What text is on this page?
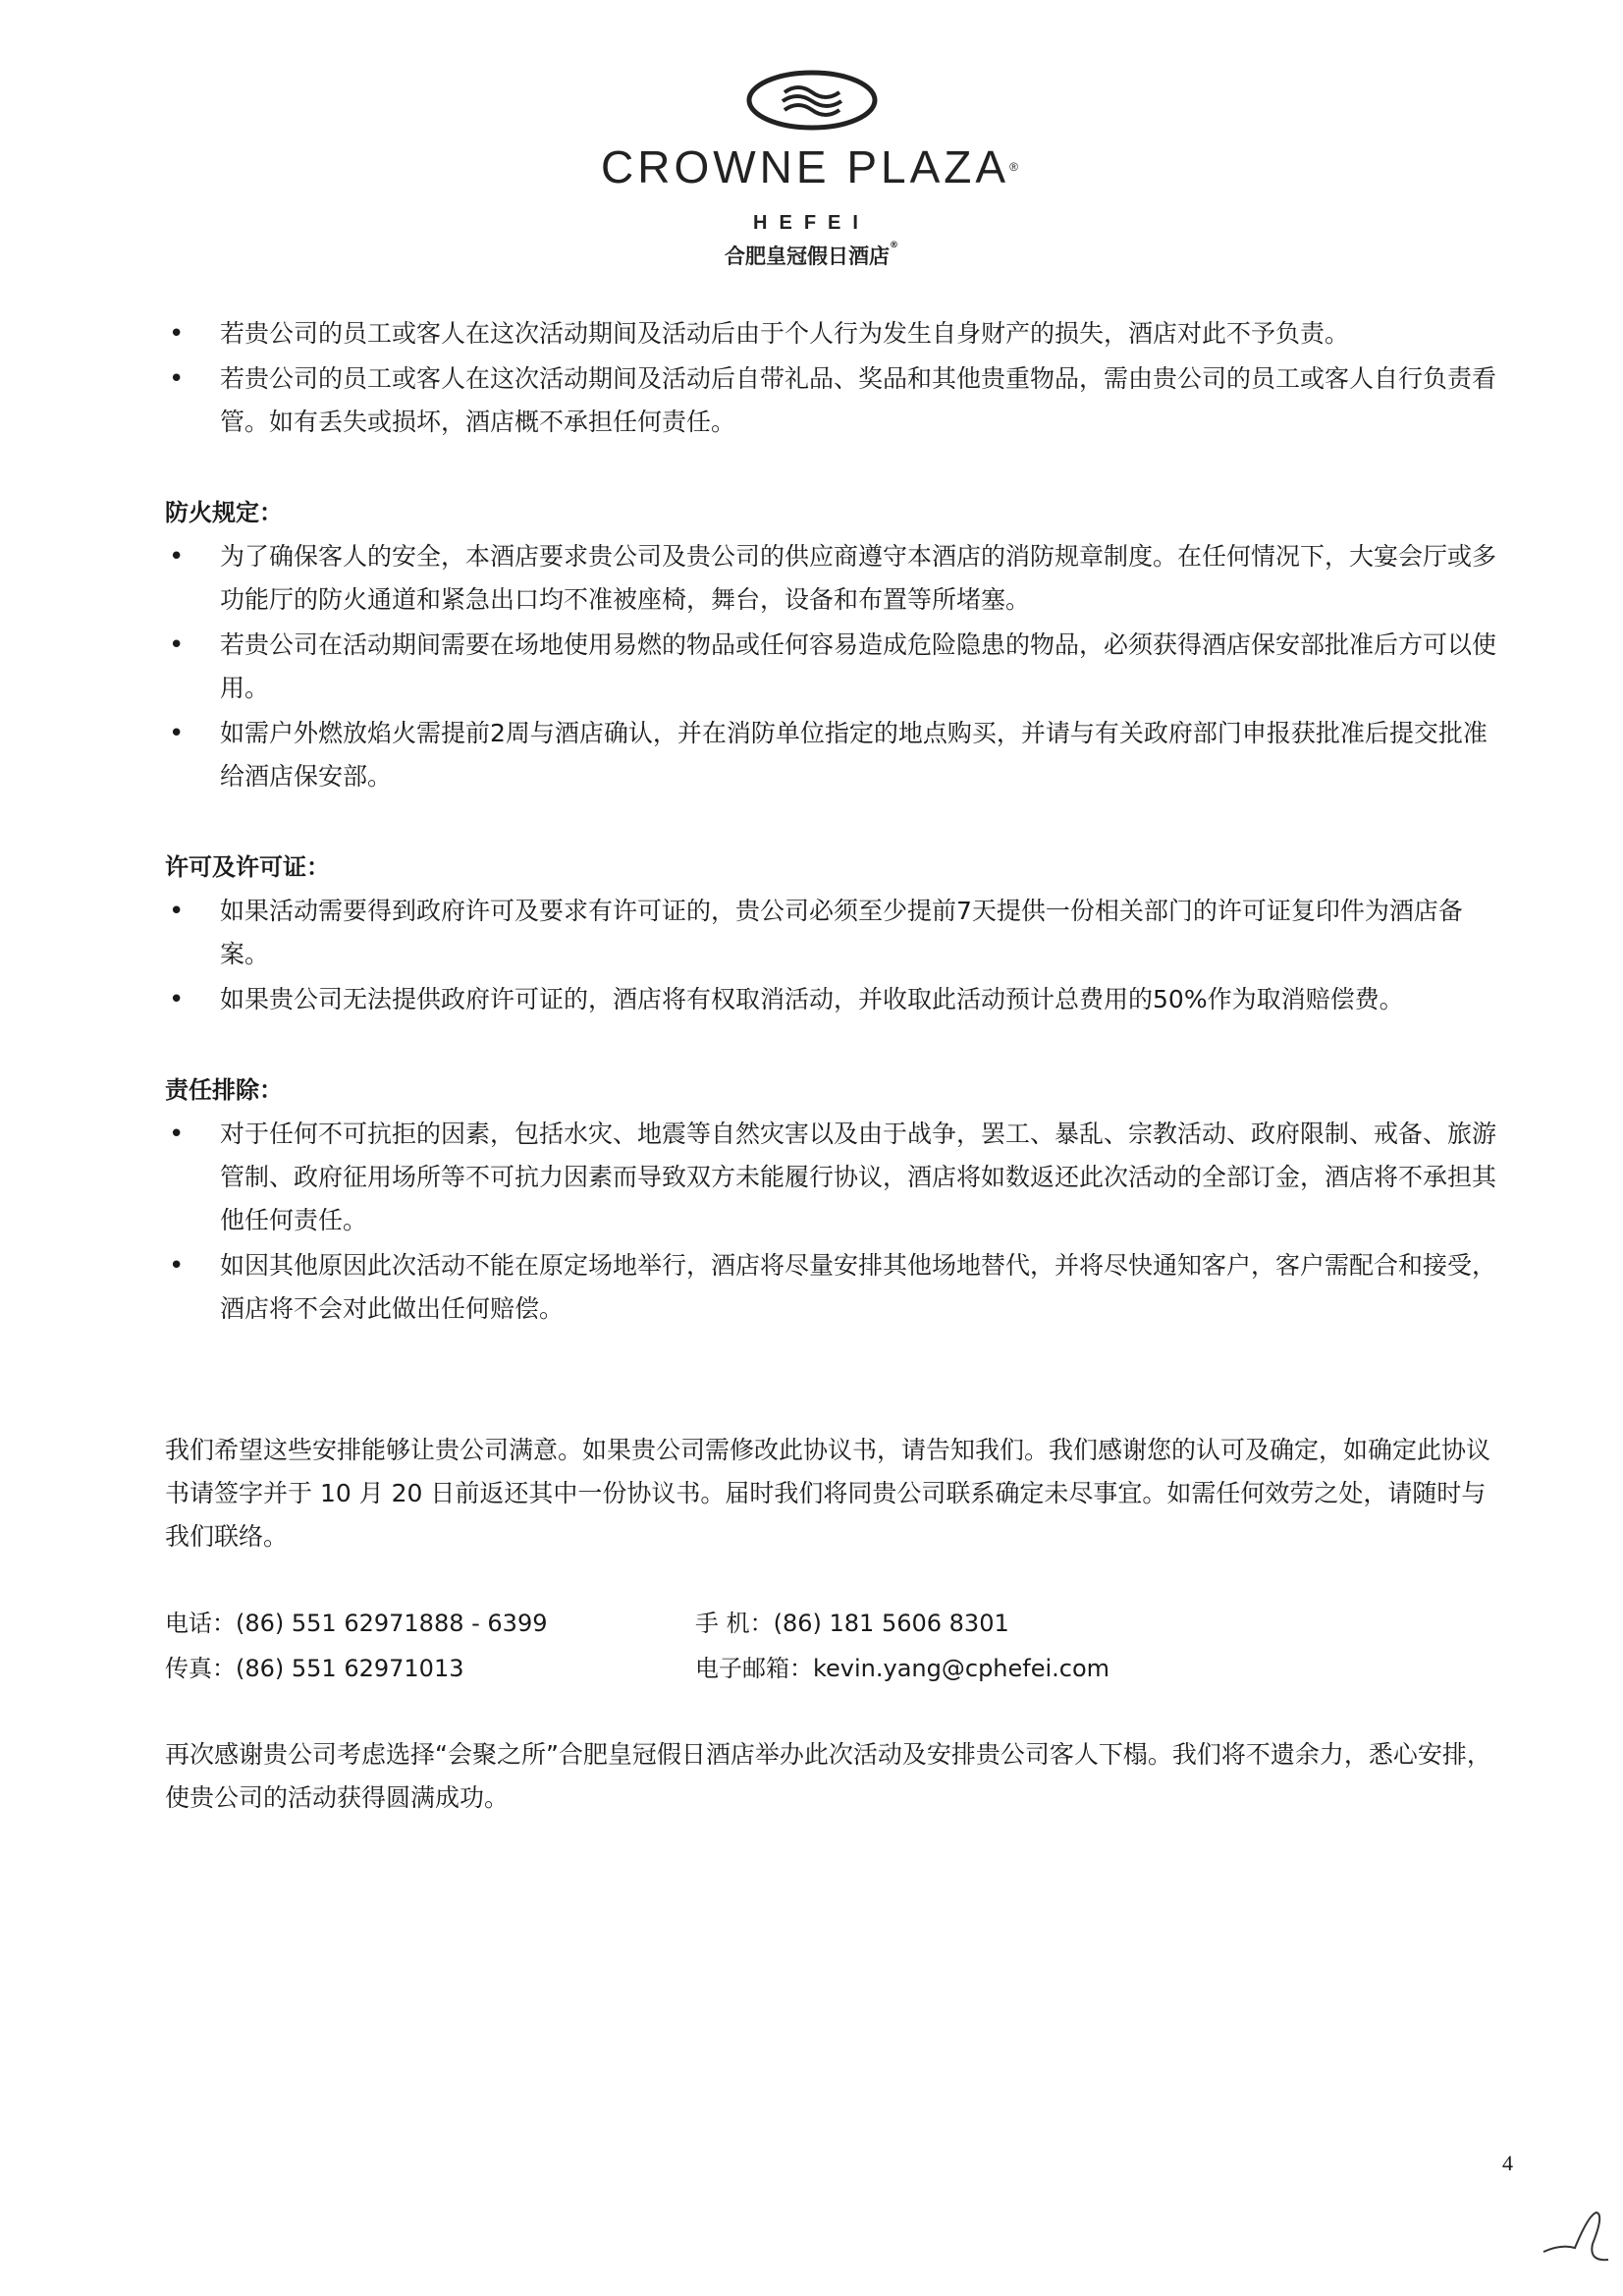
CROWNE PLAZA®
HEFEI
合肥皇冠假日酒店®
• 若贵公司的员工或客人在这次活动期间及活动后由于个人行为发生自身财产的损失，酒店对此不予负责。
• 若贵公司的员工或客人在这次活动期间及活动后自带礼品、奖品和其他贵重物品，需由贵公司的员工或客人自行负责看管。如有丢失或损坏，酒店概不承担任何责任。
防火规定：
• 为了确保客人的安全，本酒店要求贵公司及贵公司的供应商遵守本酒店的消防规章制度。在任何情况下，大宴会厅或多功能厅的防火通道和紧急出口均不准被座椅，舞台，设备和布置等所堵塞。
• 若贵公司在活动期间需要在场地使用易燃的物品或任何容易造成危险隐患的物品，必须获得酒店保安部批准后方可以使用。
• 如需户外燃放焰火需提前2周与酒店确认，并在消防单位指定的地点购买，并请与有关政府部门申报获批准后提交批准给酒店保安部。
许可及许可证：
• 如果活动需要得到政府许可及要求有许可证的，贵公司必须至少提前7天提供一份相关部门的许可证复印件为酒店备案。
• 如果贵公司无法提供政府许可证的，酒店将有权取消活动，并收取此活动预计总费用的50%作为取消赔偿费。
责任排除：
• 对于任何不可抗拒的因素，包括水灾、地震等自然灾害以及由于战争，罢工、暴乱、宗教活动、政府限制、戒备、旅游管制、政府征用场所等不可抗力因素而导致双方未能履行协议，酒店将如数返还此次活动的全部订金，酒店将不承担其他任何责任。
• 如因其他原因此次活动不能在原定场地举行，酒店将尽量安排其他场地替代，并将尽快通知客户，客户需配合和接受，酒店将不会对此做出任何赔偿。

我们希望这些安排能够让贵公司满意。如果贵公司需修改此协议书，请告知我们。我们感谢您的认可及确定，如确定此协议书请签字并于 10 月 20 日前返还其中一份协议书。届时我们将同贵公司联系确定未尽事宜。如需任何效劳之处，请随时与我们联络。

电话：(86) 551 62971888 - 6399	手 机：(86) 181 5606 8301
传真：(86) 551 62971013	电子邮箱：kevin.yang@cphefei.com

再次感谢贵公司考虑选择“会聚之所”合肥皇冠假日酒店举办此次活动及安排贵公司客人下榻。我们将不遗余力，悉心安排，使贵公司的活动获得圆满成功。

4
